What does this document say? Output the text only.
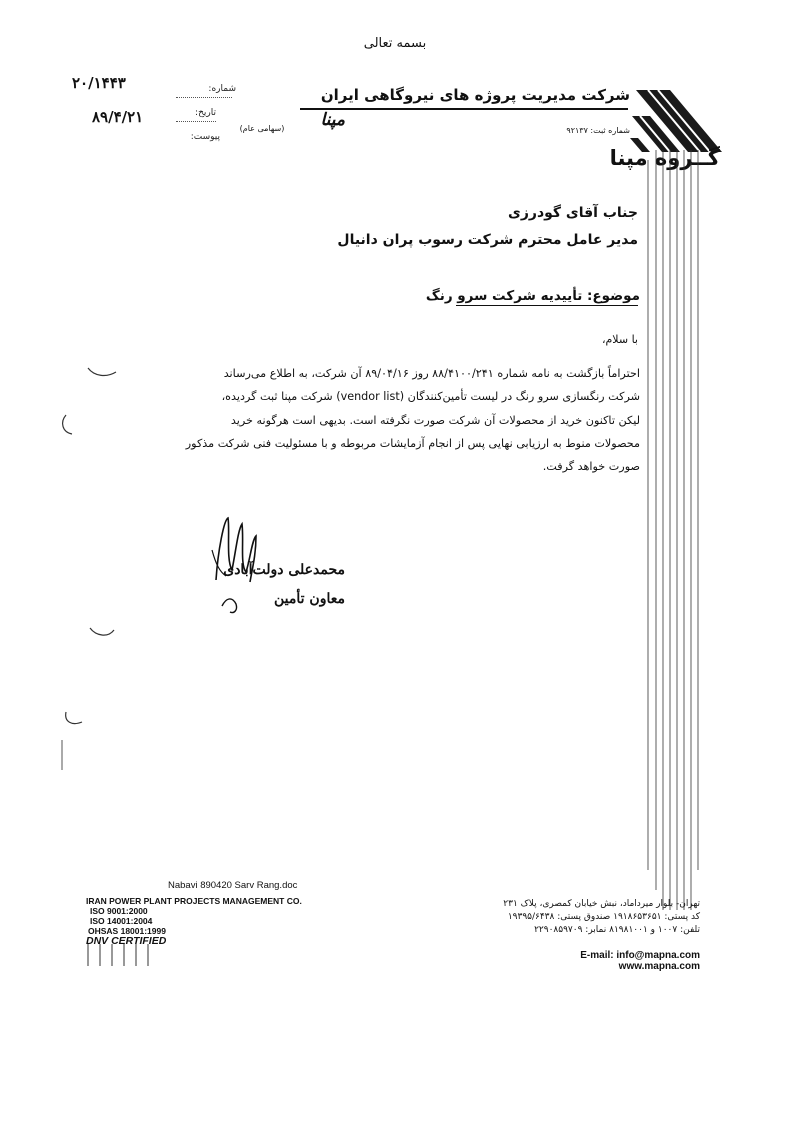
بسمه تعالی
۲۰/۱۴۴۳
۸۹/۴/۲۱
شماره:
تاریخ:
پیوست:
شرکت مدیریت پروژه های نیروگاهی ایران
مپنا
(سهامی عام)	شماره ثبت: ۹۲۱۳۷
گــروه مپنا
جناب آقای گودرزی
مدیر عامل محترم شرکت رسوب پران دانیال
موضوع: تأییدیه شرکت سرو رنگ
با سلام،
احتراماً بازگشت به نامه شماره ۸۸/۴۱۰۰/۲۴۱ روز ۸۹/۰۴/۱۶ آن شرکت، به اطلاع می‌رساند
شرکت رنگسازی سرو رنگ در لیست تأمین‌کنندگان (vendor list) شرکت مپنا ثبت گردیده،
لیکن تاکنون خرید از محصولات آن شرکت صورت نگرفته است. بدیهی است هرگونه خرید
محصولات منوط به ارزیابی نهایی پس از انجام آزمایشات مربوطه و با مسئولیت فنی شرکت مذکور
صورت خواهد گرفت.
محمدعلی دولت‌آبادی
معاون تأمین
Nabavi 890420 Sarv Rang.doc
IRAN POWER PLANT PROJECTS MANAGEMENT CO.
ISO 9001:2000
ISO 14001:2004
OHSAS 18001:1999
DNV CERTIFIED
تهران- بلوار میرداماد، نبش خیابان کمصری، پلاک ۲۳۱
کد پستی: ۱۹۱۸۶۵۳۶۵۱ صندوق پستی: ۱۹۳۹۵/۶۴۳۸
تلفن: ۱۰۰۷ و ۸۱۹۸۱۰۰۱ نمابر: ۲۲۹۰۸۵۹۷۰۹
E-mail: info@mapna.com
www.mapna.com
